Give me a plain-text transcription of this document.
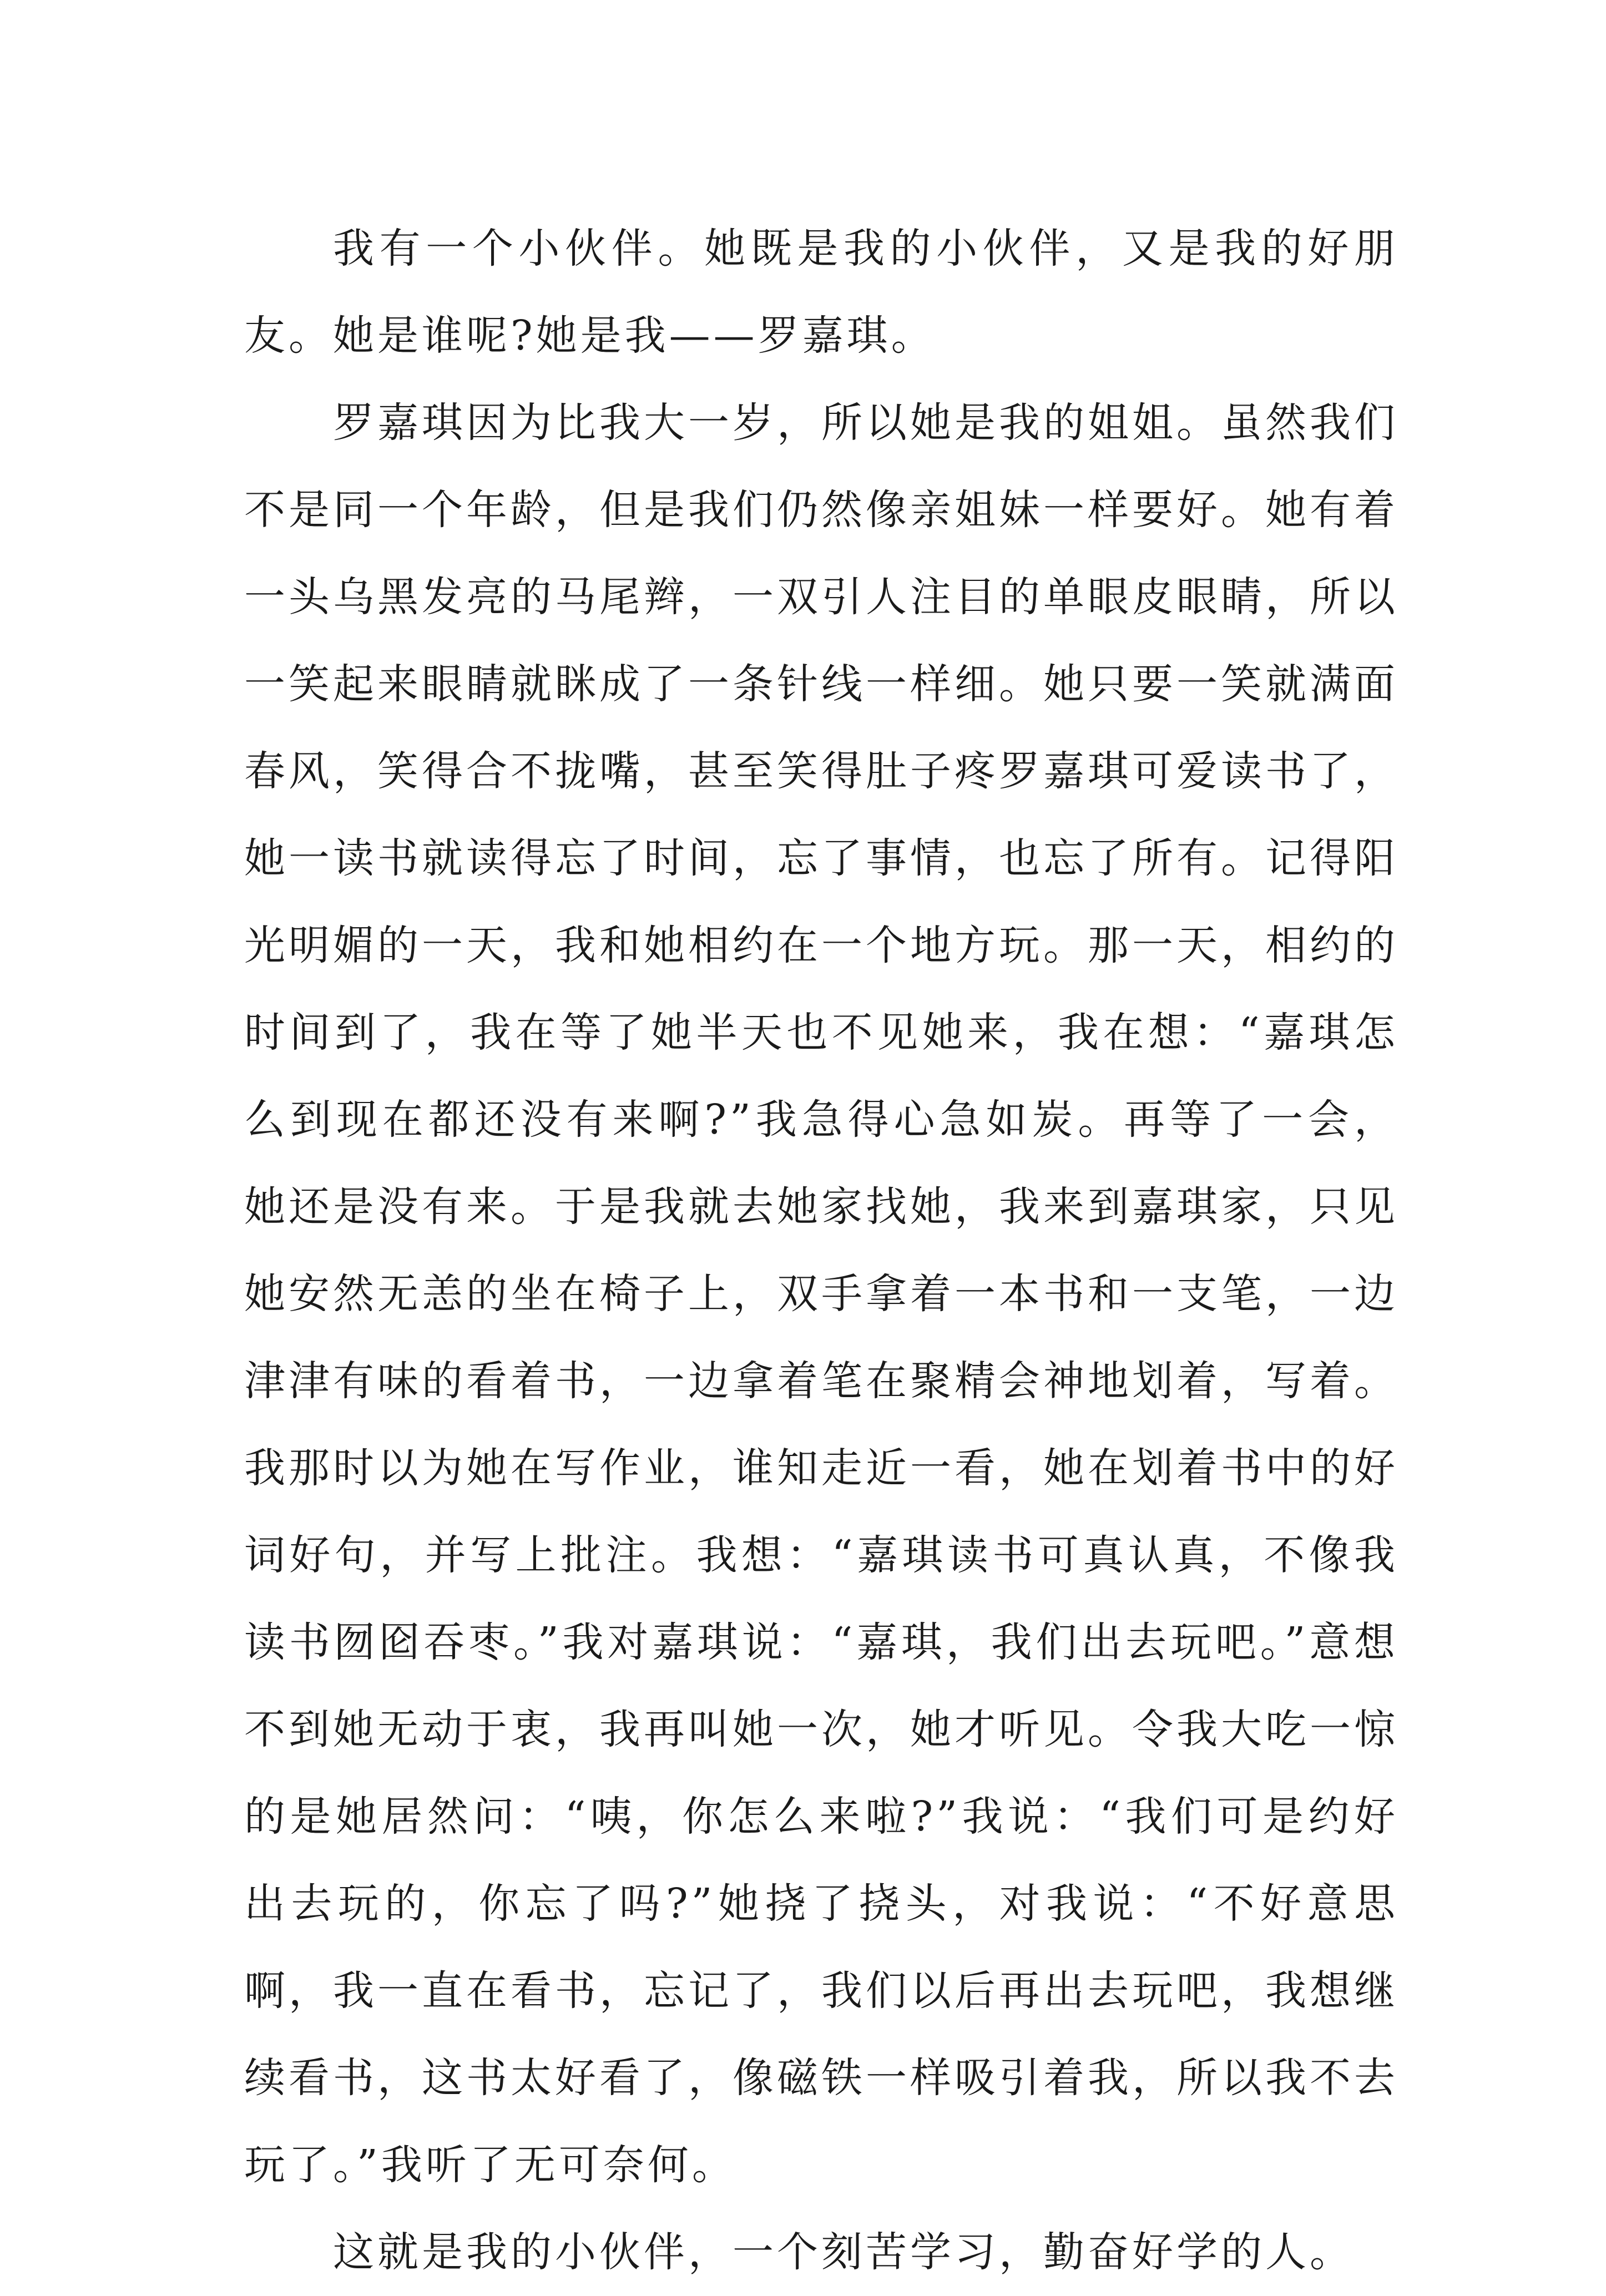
我有一个小伙伴。她既是我的小伙伴，又是我的好朋友。她是谁呢?她是我——罗嘉琪。

罗嘉琪因为比我大一岁，所以她是我的姐姐。虽然我们不是同一个年龄，但是我们仍然像亲姐妹一样要好。她有着一头乌黑发亮的马尾辫，一双引人注目的单眼皮眼睛，所以一笑起来眼睛就眯成了一条针线一样细。她只要一笑就满面春风，笑得合不拢嘴，甚至笑得肚子疼罗嘉琪可爱读书了，她一读书就读得忘了时间，忘了事情，也忘了所有。记得阳光明媚的一天，我和她相约在一个地方玩。那一天，相约的时间到了，我在等了她半天也不见她来，我在想：“嘉琪怎么到现在都还没有来啊?”我急得心急如炭。再等了一会，她还是没有来。于是我就去她家找她，我来到嘉琪家，只见她安然无恙的坐在椅子上，双手拿着一本书和一支笔，一边津津有味的看着书，一边拿着笔在聚精会神地划着，写着。我那时以为她在写作业，谁知走近一看，她在划着书中的好词好句，并写上批注。我想：“嘉琪读书可真认真，不像我读书囫囵吞枣。”我对嘉琪说：“嘉琪，我们出去玩吧。”意想不到她无动于衷，我再叫她一次，她才听见。令我大吃一惊的是她居然问：“咦，你怎么来啦?”我说：“我们可是约好出去玩的，你忘了吗?”她挠了挠头，对我说：“不好意思啊，我一直在看书，忘记了，我们以后再出去玩吧，我想继续看书，这书太好看了，像磁铁一样吸引着我，所以我不去玩了。”我听了无可奈何。

这就是我的小伙伴，一个刻苦学习，勤奋好学的人。
